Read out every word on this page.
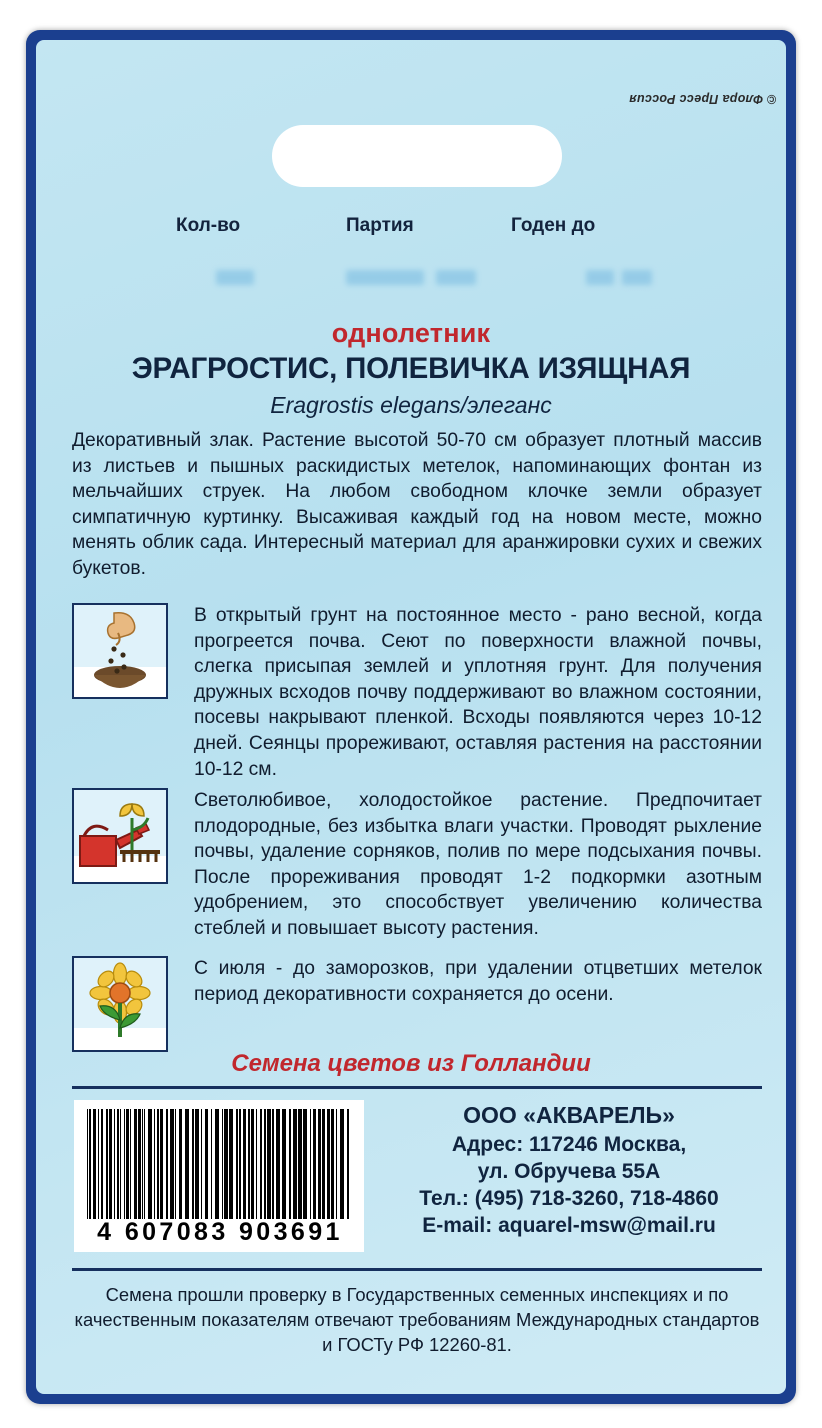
© Флора Пресс Россия
Кол-во	Партия	Годен до
однолетник
ЭРАГРОСТИС, ПОЛЕВИЧКА ИЗЯЩНАЯ
Eragrostis elegans/элеганс
Декоративный злак. Растение высотой 50-70 см образует плотный массив из листьев и пышных раскидистых метелок, напоминающих фонтан из мельчайших струек. На любом свободном клочке земли образует симпатичную куртинку. Высаживая каждый год на новом месте, можно менять облик сада. Интересный материал для аранжировки сухих и свежих букетов.
В открытый грунт на постоянное место - рано весной, когда прогреется почва. Сеют по поверхности влажной почвы, слегка присыпая землей и уплотняя грунт. Для получения дружных всходов почву поддерживают во влажном состоянии, посевы накрывают пленкой. Всходы появляются через 10-12 дней. Сеянцы прореживают, оставляя растения на расстоянии 10-12 см.
Светолюбивое, холодостойкое растение. Предпочитает плодородные, без избытка влаги участки. Проводят рыхление почвы, удаление сорняков, полив по мере подсыхания почвы. После прореживания проводят 1-2 подкормки азотным удобрением, это способствует увеличению количества стеблей и повышает высоту растения.
С июля - до заморозков, при удалении отцветших метелок период декоративности сохраняется до осени.
Семена цветов из Голландии
4 607083 903691
ООО «АКВАРЕЛЬ»
Адрес: 117246 Москва,
ул. Обручева 55А
Тел.: (495) 718-3260, 718-4860
E-mail: aquarel-msw@mail.ru
Семена прошли проверку в Государственных семенных инспекциях и по качественным показателям отвечают требованиям Международных стандартов и ГОСТу РФ 12260-81.
